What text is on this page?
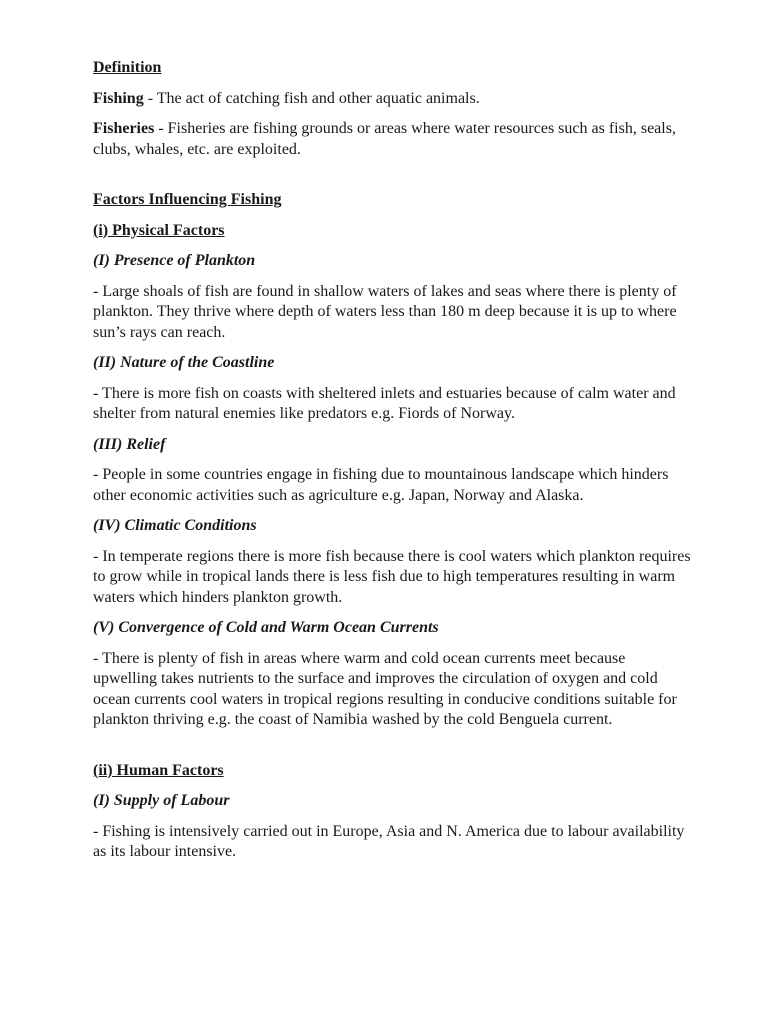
Definition

Fishing - The act of catching fish and other aquatic animals.

Fisheries - Fisheries are fishing grounds or areas where water resources such as fish, seals, clubs, whales, etc. are exploited.

Factors Influencing Fishing
(i) Physical Factors
(I) Presence of Plankton

- Large shoals of fish are found in shallow waters of lakes and seas where there is plenty of plankton. They thrive where depth of waters less than 180 m deep because it is up to where sun’s rays can reach.

(II) Nature of the Coastline

- There is more fish on coasts with sheltered inlets and estuaries because of calm water and shelter from natural enemies like predators e.g. Fiords of Norway.

(III) Relief

- People in some countries engage in fishing due to mountainous landscape which hinders other economic activities such as agriculture e.g. Japan, Norway and Alaska.

(IV) Climatic Conditions

- In temperate regions there is more fish because there is cool waters which plankton requires to grow while in tropical lands there is less fish due to high temperatures resulting in warm waters which hinders plankton growth.

(V) Convergence of Cold and Warm Ocean Currents

- There is plenty of fish in areas where warm and cold ocean currents meet because upwelling takes nutrients to the surface and improves the circulation of oxygen and cold ocean currents cool waters in tropical regions resulting in conducive conditions suitable for plankton thriving e.g. the coast of Namibia washed by the cold Benguela current.

(ii) Human Factors
(I) Supply of Labour

- Fishing is intensively carried out in Europe, Asia and N. America due to labour availability as its labour intensive.
